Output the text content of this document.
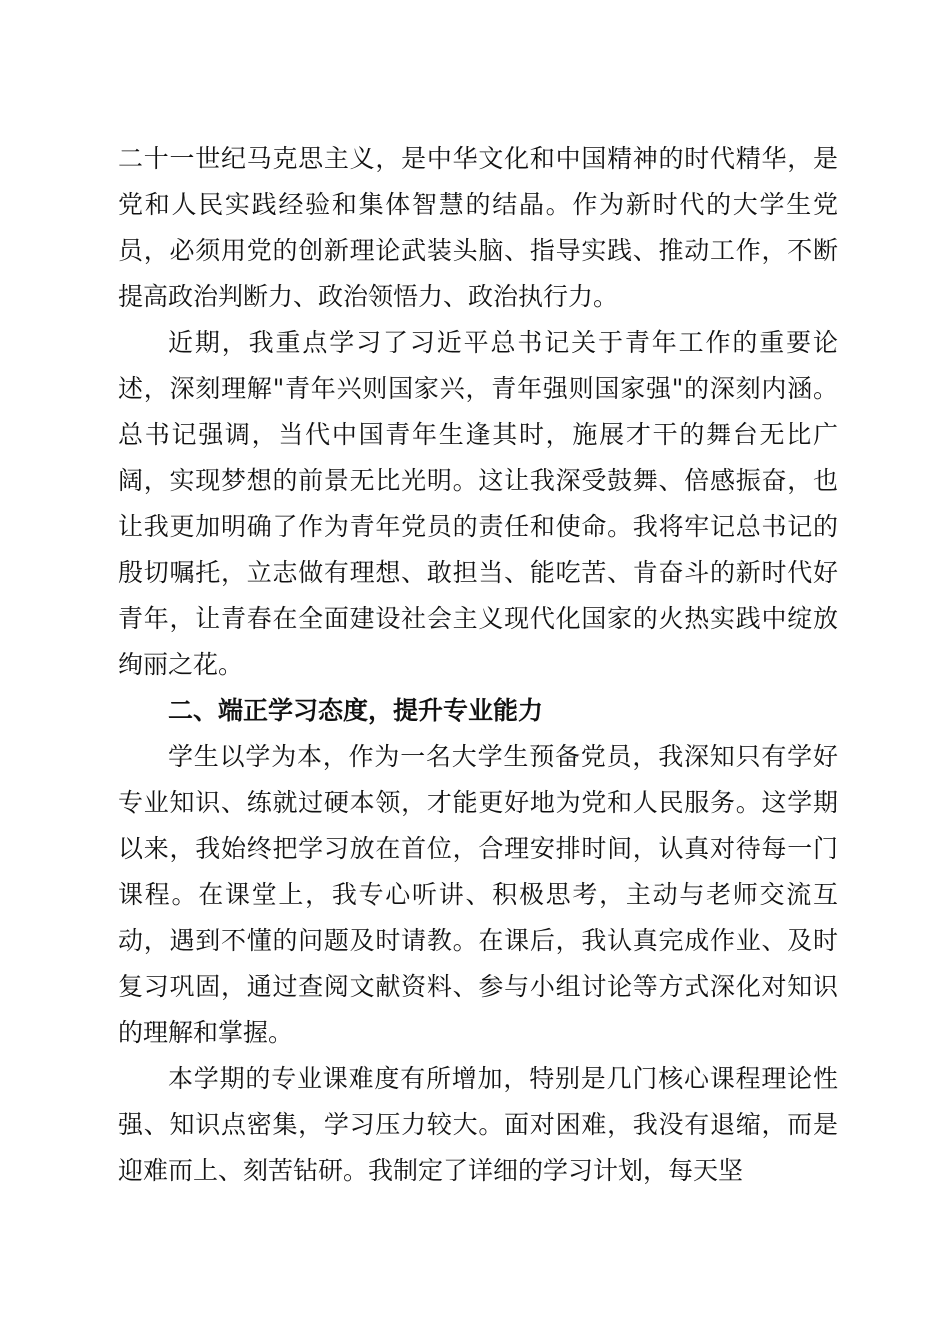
二十一世纪马克思主义，是中华文化和中国精神的时代精华，是党和人民实践经验和集体智慧的结晶。作为新时代的大学生党员，必须用党的创新理论武装头脑、指导实践、推动工作，不断提高政治判断力、政治领悟力、政治执行力。

近期，我重点学习了习近平总书记关于青年工作的重要论述，深刻理解"青年兴则国家兴，青年强则国家强"的深刻内涵。总书记强调，当代中国青年生逢其时，施展才干的舞台无比广阔，实现梦想的前景无比光明。这让我深受鼓舞、倍感振奋，也让我更加明确了作为青年党员的责任和使命。我将牢记总书记的殷切嘱托，立志做有理想、敢担当、能吃苦、肯奋斗的新时代好青年，让青春在全面建设社会主义现代化国家的火热实践中绽放绚丽之花。

二、端正学习态度，提升专业能力

学生以学为本，作为一名大学生预备党员，我深知只有学好专业知识、练就过硬本领，才能更好地为党和人民服务。这学期以来，我始终把学习放在首位，合理安排时间，认真对待每一门课程。在课堂上，我专心听讲、积极思考，主动与老师交流互动，遇到不懂的问题及时请教。在课后，我认真完成作业、及时复习巩固，通过查阅文献资料、参与小组讨论等方式深化对知识的理解和掌握。

本学期的专业课难度有所增加，特别是几门核心课程理论性强、知识点密集，学习压力较大。面对困难，我没有退缩，而是迎难而上、刻苦钻研。我制定了详细的学习计划，每天坚
